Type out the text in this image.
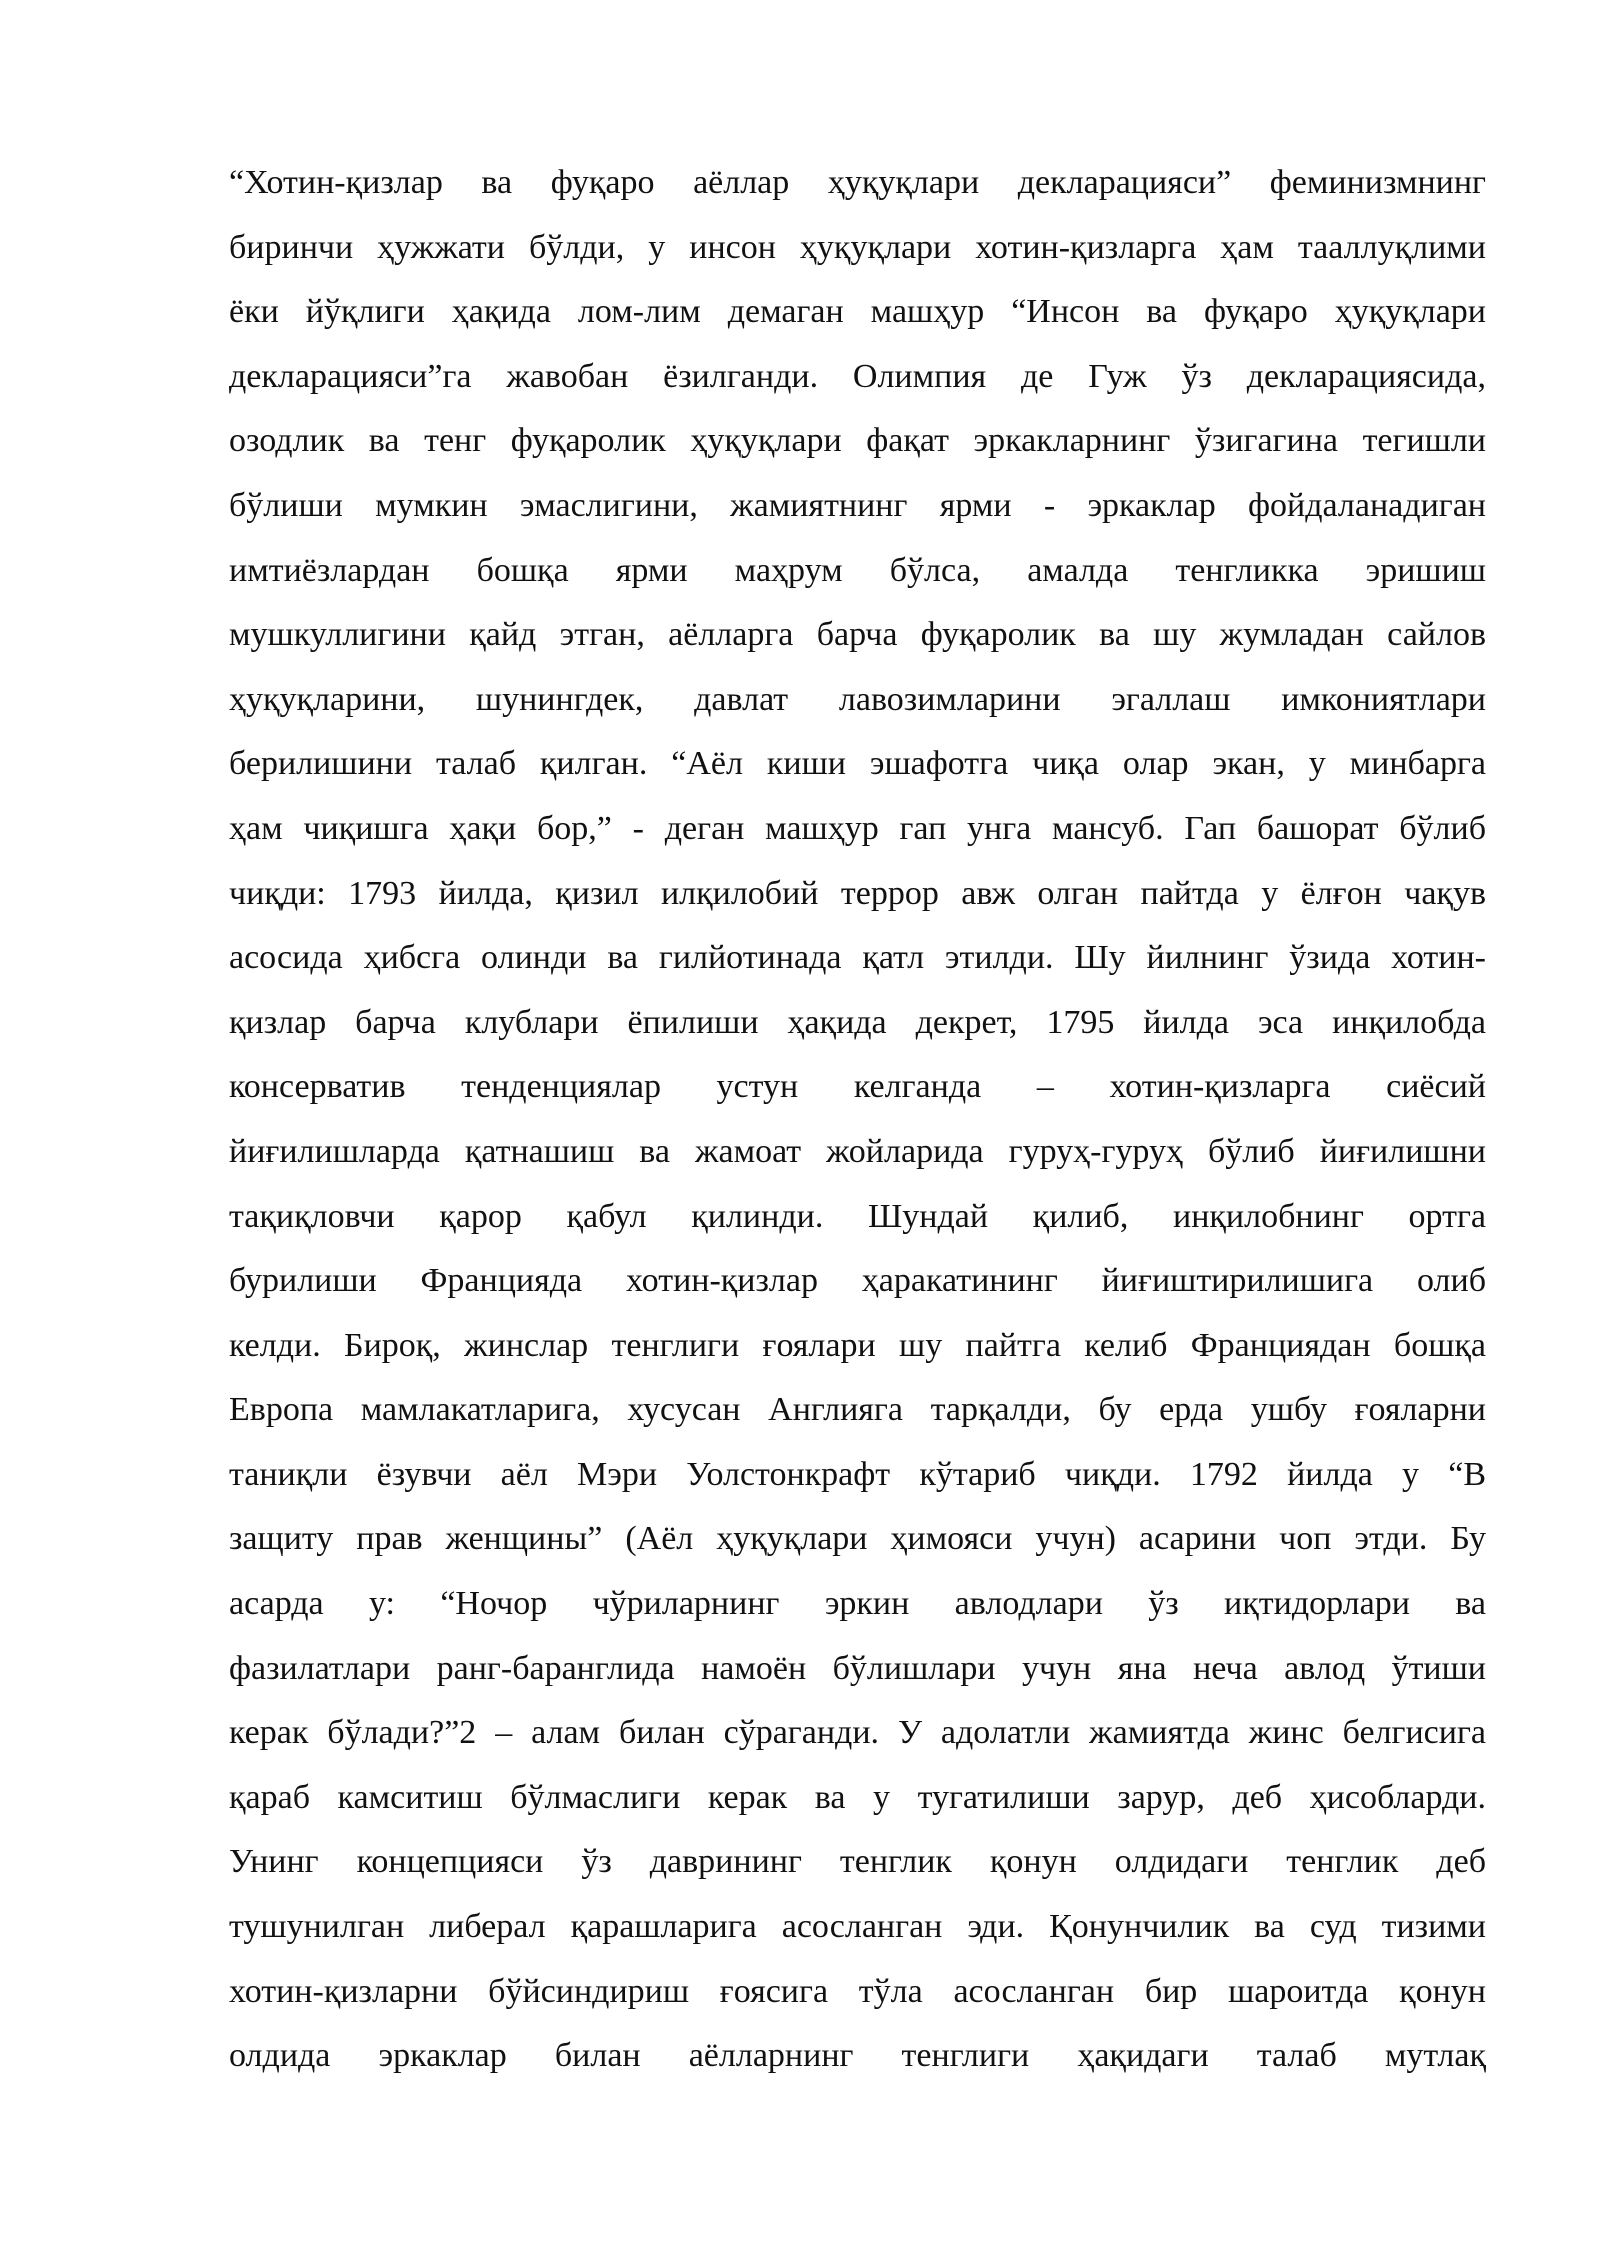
“Хотин-қизлар ва фуқаро аёллар ҳуқуқлари декларацияси” феминизмнинг
биринчи ҳужжати бўлди, у инсон ҳуқуқлари хотин-қизларга ҳам тааллуқлими
ёки йўқлиги ҳақида лом-лим демаган машҳур “Инсон ва фуқаро ҳуқуқлари
декларацияси”га жавобан ёзилганди. Олимпия де Гуж ўз декларациясида,
озодлик ва тенг фуқаролик ҳуқуқлари фақат эркакларнинг ўзигагина тегишли
бўлиши мумкин эмаслигини, жамиятнинг ярми - эркаклар фойдаланадиган
имтиёзлардан бошқа ярми маҳрум бўлса, амалда тенгликка эришиш
мушкуллигини қайд этган, аёлларга барча фуқаролик ва шу жумладан сайлов
ҳуқуқларини, шунингдек, давлат лавозимларини эгаллаш имкониятлари
берилишини талаб қилган. “Аёл киши эшафотга чиқа олар экан, у минбарга
ҳам чиқишга ҳақи бор,” - деган машҳур гап унга мансуб. Гап башорат бўлиб
чиқди: 1793 йилда, қизил илқилобий террор авж олган пайтда у ёлғон чақув
асосида ҳибсга олинди ва гилйотинада қатл этилди. Шу йилнинг ўзида хотин-
қизлар барча клублари ёпилиши ҳақида декрет, 1795 йилда эса инқилобда
консерватив тенденциялар устун келганда – хотин-қизларга сиёсий
йиғилишларда қатнашиш ва жамоат жойларида гуруҳ-гуруҳ бўлиб йиғилишни
тақиқловчи қарор қабул қилинди. Шундай қилиб, инқилобнинг ортга
бурилиши Францияда хотин-қизлар ҳаракатининг йиғиштирилишига олиб
келди. Бироқ, жинслар тенглиги ғоялари шу пайтга келиб Франциядан бошқа
Европа мамлакатларига, хусусан Англияга тарқалди, бу ерда ушбу ғояларни
таниқли ёзувчи аёл Мэри Уолстонкрафт кўтариб чиқди. 1792 йилда у “В
защиту прав женщины” (Аёл ҳуқуқлари ҳимояси учун) асарини чоп этди. Бу
асарда у: “Ночор чўриларнинг эркин авлодлари ўз иқтидорлари ва
фазилатлари ранг-баранглида намоён бўлишлари учун яна неча авлод ўтиши
керак бўлади?”2 – алам билан сўраганди. У адолатли жамиятда жинс белгисига
қараб камситиш бўлмаслиги керак ва у тугатилиши зарур, деб ҳисобларди.
Унинг концепцияси ўз даврининг тенглик қонун олдидаги тенглик деб
тушунилган либерал қарашларига асосланган эди. Қонунчилик ва суд тизими
хотин-қизларни бўйсиндириш ғоясига тўла асосланган бир шароитда қонун
олдида эркаклар билан аёлларнинг тенглиги ҳақидаги талаб мутлақ
